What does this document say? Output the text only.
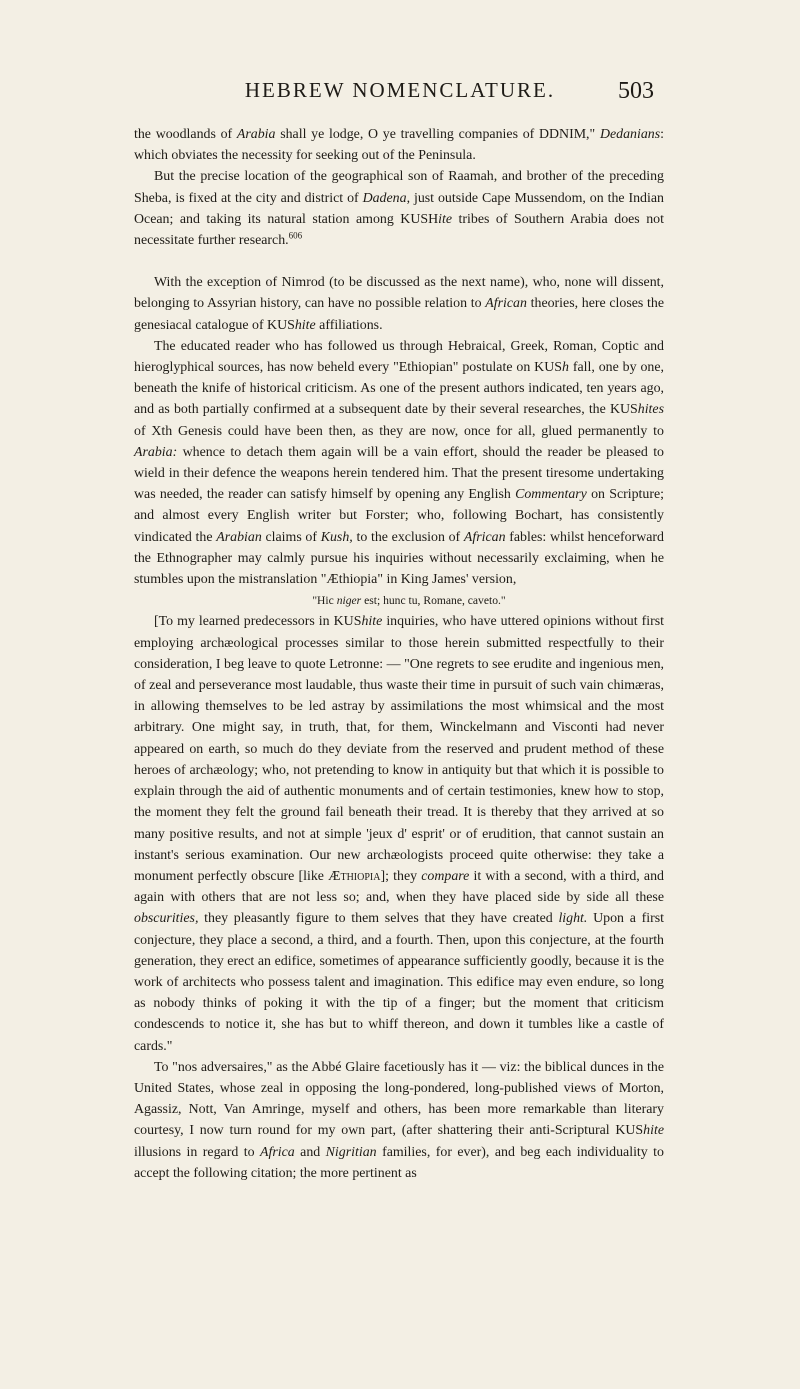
HEBREW NOMENCLATURE.	503

the woodlands of Arabia shall ye lodge, O ye travelling companies of DDNIM," Dedanians: which obviates the necessity for seeking out of the Peninsula.

But the precise location of the geographical son of Raamah, and brother of the preceding Sheba, is fixed at the city and district of Dadena, just outside Cape Mussendom, on the Indian Ocean; and taking its natural station among KUSHite tribes of Southern Arabia does not necessitate further research.$^{606}$

With the exception of Nimrod (to be discussed as the next name), who, none will dissent, belonging to Assyrian history, can have no possible relation to African theories, here closes the genesiacal catalogue of KUShite affiliations.

The educated reader who has followed us through Hebraical, Greek, Roman, Coptic and hieroglyphical sources, has now beheld every "Ethiopian" postulate on KUSh fall, one by one, beneath the knife of historical criticism. As one of the present authors indicated, ten years ago, and as both partially confirmed at a subsequent date by their several researches, the KUShites of Xth Genesis could have been then, as they are now, once for all, glued permanently to Arabia: whence to detach them again will be a vain effort, should the reader be pleased to wield in their defence the weapons herein tendered him. That the present tiresome undertaking was needed, the reader can satisfy himself by opening any English Commentary on Scripture; and almost every English writer but Forster; who, following Bochart, has consistently vindicated the Arabian claims of Kush, to the exclusion of African fables: whilst henceforward the Ethnographer may calmly pursue his inquiries without necessarily exclaiming, when he stumbles upon the mistranslation "Æthiopia" in King James' version,

"Hic niger est; hunc tu, Romane, caveto."

[To my learned predecessors in KUShite inquiries, who have uttered opinions without first employing archæological processes similar to those herein submitted respectfully to their consideration, I beg leave to quote Letronne: — "One regrets to see erudite and ingenious men, of zeal and perseverance most laudable, thus waste their time in pursuit of such vain chimæras, in allowing themselves to be led astray by assimilations the most whimsical and the most arbitrary. One might say, in truth, that, for them, Winckelmann and Visconti had never appeared on earth, so much do they deviate from the reserved and prudent method of these heroes of archæology; who, not pretending to know in antiquity but that which it is possible to explain through the aid of authentic monuments and of certain testimonies, knew how to stop, the moment they felt the ground fail beneath their tread. It is thereby that they arrived at so many positive results, and not at simple 'jeux d' esprit' or of erudition, that cannot sustain an instant's serious examination. Our new archæologists proceed quite otherwise: they take a monument perfectly obscure [like Æthiopia]; they compare it with a second, with a third, and again with others that are not less so; and, when they have placed side by side all these obscurities, they pleasantly figure to them selves that they have created light. Upon a first conjecture, they place a second, a third, and a fourth. Then, upon this conjecture, at the fourth generation, they erect an edifice, sometimes of appearance sufficiently goodly, because it is the work of architects who possess talent and imagination. This edifice may even endure, so long as nobody thinks of poking it with the tip of a finger; but the moment that criticism condescends to notice it, she has but to whiff thereon, and down it tumbles like a castle of cards."

To "nos adversaires," as the Abbé Glaire facetiously has it — viz: the biblical dunces in the United States, whose zeal in opposing the long-pondered, long-published views of Morton, Agassiz, Nott, Van Amringe, myself and others, has been more remarkable than literary courtesy, I now turn round for my own part, (after shattering their anti-Scriptural KUShite illusions in regard to Africa and Nigritian families, for ever), and beg each individuality to accept the following citation; the more pertinent as
